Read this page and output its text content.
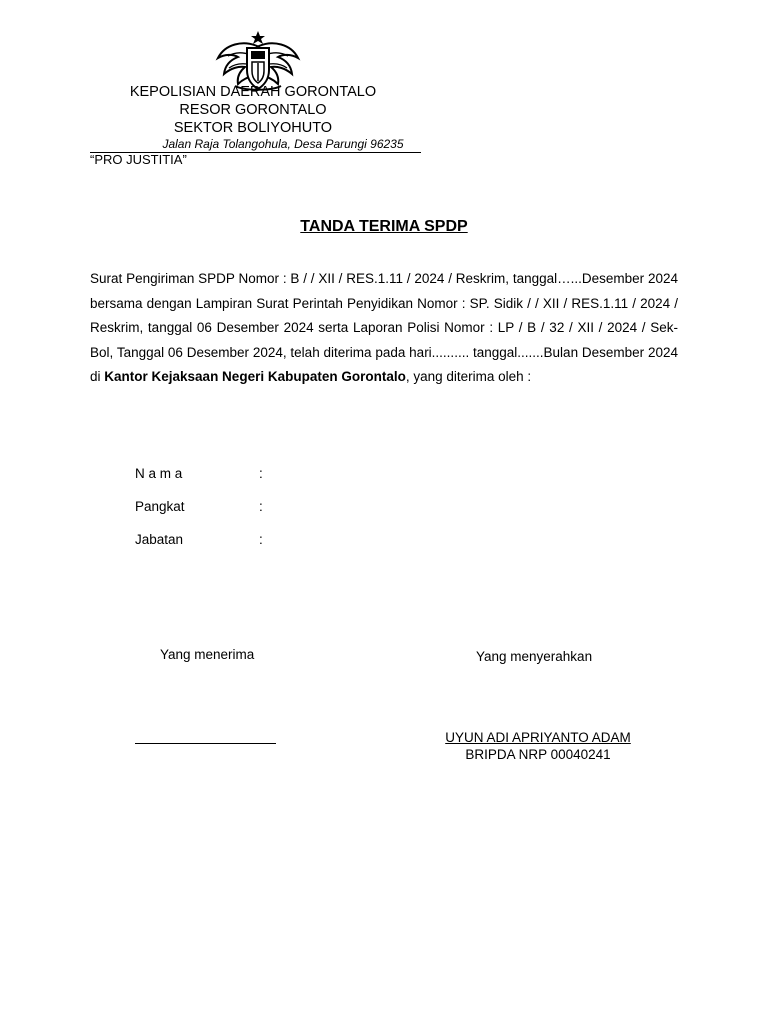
KEPOLISIAN DAERAH GORONTALO
RESOR GORONTALO
SEKTOR BOLIYOHUTO
Jalan Raja Tolangohula, Desa Parungi 96235
“PRO JUSTITIA”
TANDA TERIMA SPDP
Surat Pengiriman SPDP Nomor : B / / XII / RES.1.11 / 2024 / Reskrim, tanggal…...Desember 2024 bersama dengan Lampiran Surat Perintah Penyidikan Nomor : SP. Sidik / / XII / RES.1.11 / 2024 / Reskrim, tanggal 06 Desember 2024 serta Laporan Polisi Nomor : LP / B / 32 / XII / 2024 / Sek-Bol, Tanggal 06 Desember 2024, telah diterima pada hari.......... tanggal.......Bulan Desember 2024 di Kantor Kejaksaan Negeri Kabupaten Gorontalo, yang diterima oleh :
N a m a	:
Pangkat	:
Jabatan	:
Yang menerima	Yang menyerahkan
UYUN ADI APRIYANTO ADAM
BRIPDA NRP 00040241
